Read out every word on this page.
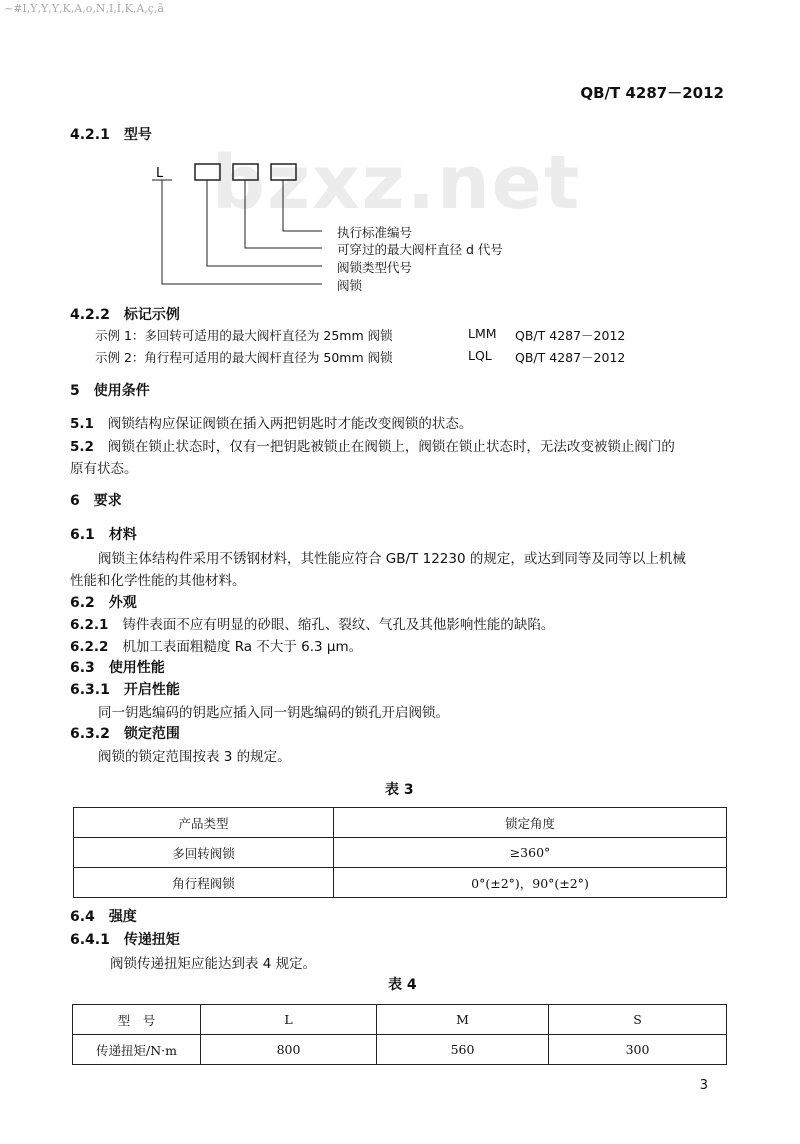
~#I‚Y‚Y‚Y‚K‚A‚o‚N‚I‚Ì‚K‚A‚ç‚ã
bzxz.net
QB/T 4287－2012
4.2.1 型号
L
执行标准编号
可穿过的最大阀杆直径 d 代号
阀锁类型代号
阀锁
4.2.2 标记示例
示例 1：多回转可适用的最大阀杆直径为 25mm 阀锁	LMM QB/T 4287－2012
示例 2：角行程可适用的最大阀杆直径为 50mm 阀锁	LQL QB/T 4287－2012
5 使用条件
5.1 阀锁结构应保证阀锁在插入两把钥匙时才能改变阀锁的状态。
5.2 阀锁在锁止状态时，仅有一把钥匙被锁止在阀锁上，阀锁在锁止状态时，无法改变被锁止阀门的
原有状态。
6 要求
6.1 材料
阀锁主体结构件采用不锈钢材料，其性能应符合 GB/T 12230 的规定，或达到同等及同等以上机械
性能和化学性能的其他材料。
6.2 外观
6.2.1 铸件表面不应有明显的砂眼、缩孔、裂纹、气孔及其他影响性能的缺陷。
6.2.2 机加工表面粗糙度 Ra 不大于 6.3 μm。
6.3 使用性能
6.3.1 开启性能
同一钥匙编码的钥匙应插入同一钥匙编码的锁孔开启阀锁。
6.3.2 锁定范围
阀锁的锁定范围按表 3 的规定。
表 3
产品类型	锁定角度
多回转阀锁	≥360°
角行程阀锁	0°(±2°)，90°(±2°)
6.4 强度
6.4.1 传递扭矩
阀锁传递扭矩应能达到表 4 规定。
表 4
型　号	L	M	S
传递扭矩/N·m	800	560	300
3
